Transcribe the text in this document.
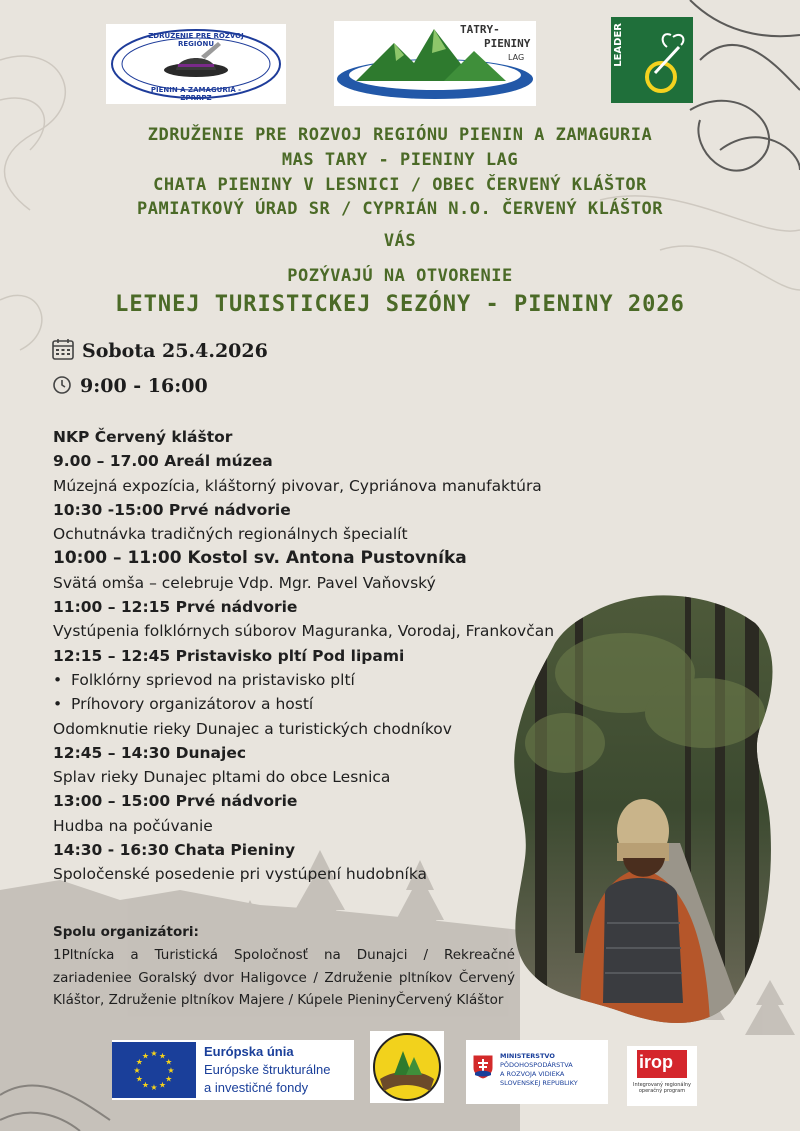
ZDRUŽENIE PRE ROZVOJ REGIÓNU
PIENIN A ZAMAGURIA - ZPRRPZ
TATRY-
PIENINY
LAG	LEADER
ZDRUŽENIE PRE ROZVOJ REGIÓNU PIENIN A ZAMAGURIA
MAS TARY - PIENINY LAG
CHATA PIENINY V LESNICI / OBEC ČERVENÝ KLÁŠTOR
PAMIATKOVÝ ÚRAD SR / CYPRIÁN N.O. ČERVENÝ KLÁŠTOR
VÁS
POZÝVAJÚ NA OTVORENIE
LETNEJ TURISTICKEJ SEZÓNY - PIENINY 2026
Sobota 25.4.2026
9:00 - 16:00
NKP Červený kláštor
9.00 – 17.00 Areál múzea
Múzejná expozícia, kláštorný pivovar, Cypriánova manufaktúra
10:30 -15:00 Prvé nádvorie
Ochutnávka tradičných regionálnych špecialít
10:00 – 11:00 Kostol sv. Antona Pustovníka
Svätá omša – celebruje Vdp. Mgr. Pavel Vaňovský
11:00 – 12:15 Prvé nádvorie
Vystúpenia folklórnych súborov Maguranka, Vorodaj, Frankovčan
12:15 – 12:45 Pristavisko pltí Pod lipami
• Folklórny sprievod na pristavisko pltí
• Príhovory organizátorov a hostí
Odomknutie rieky Dunajec a turistických chodníkov
12:45 – 14:30 Dunajec
Splav rieky Dunajec pltami do obce Lesnica
13:00 – 15:00 Prvé nádvorie
Hudba na počúvanie
14:30 - 16:30 Chata Pieniny
Spoločenské posedenie pri vystúpení hudobníka
Spolu organizátori:
1Pltnícka a Turistická Spoločnosť na Dunajci / Rekreačné zariadeniee Goralský dvor Haligovce / Združenie pltníkov Červený Kláštor, Združenie pltníkov Majere / Kúpele PieninyČervený Kláštor
★
★
★
★
★
★
★
★
★ ★ ★
★
Európska únia
Európske štrukturálne
a investičné fondy
MINISTERSTVO
PÔDOHOSPODÁRSTVA
A ROZVOJA VIDIEKA
SLOVENSKEJ REPUBLIKY
irop
Integrovaný regionálny operačný program
